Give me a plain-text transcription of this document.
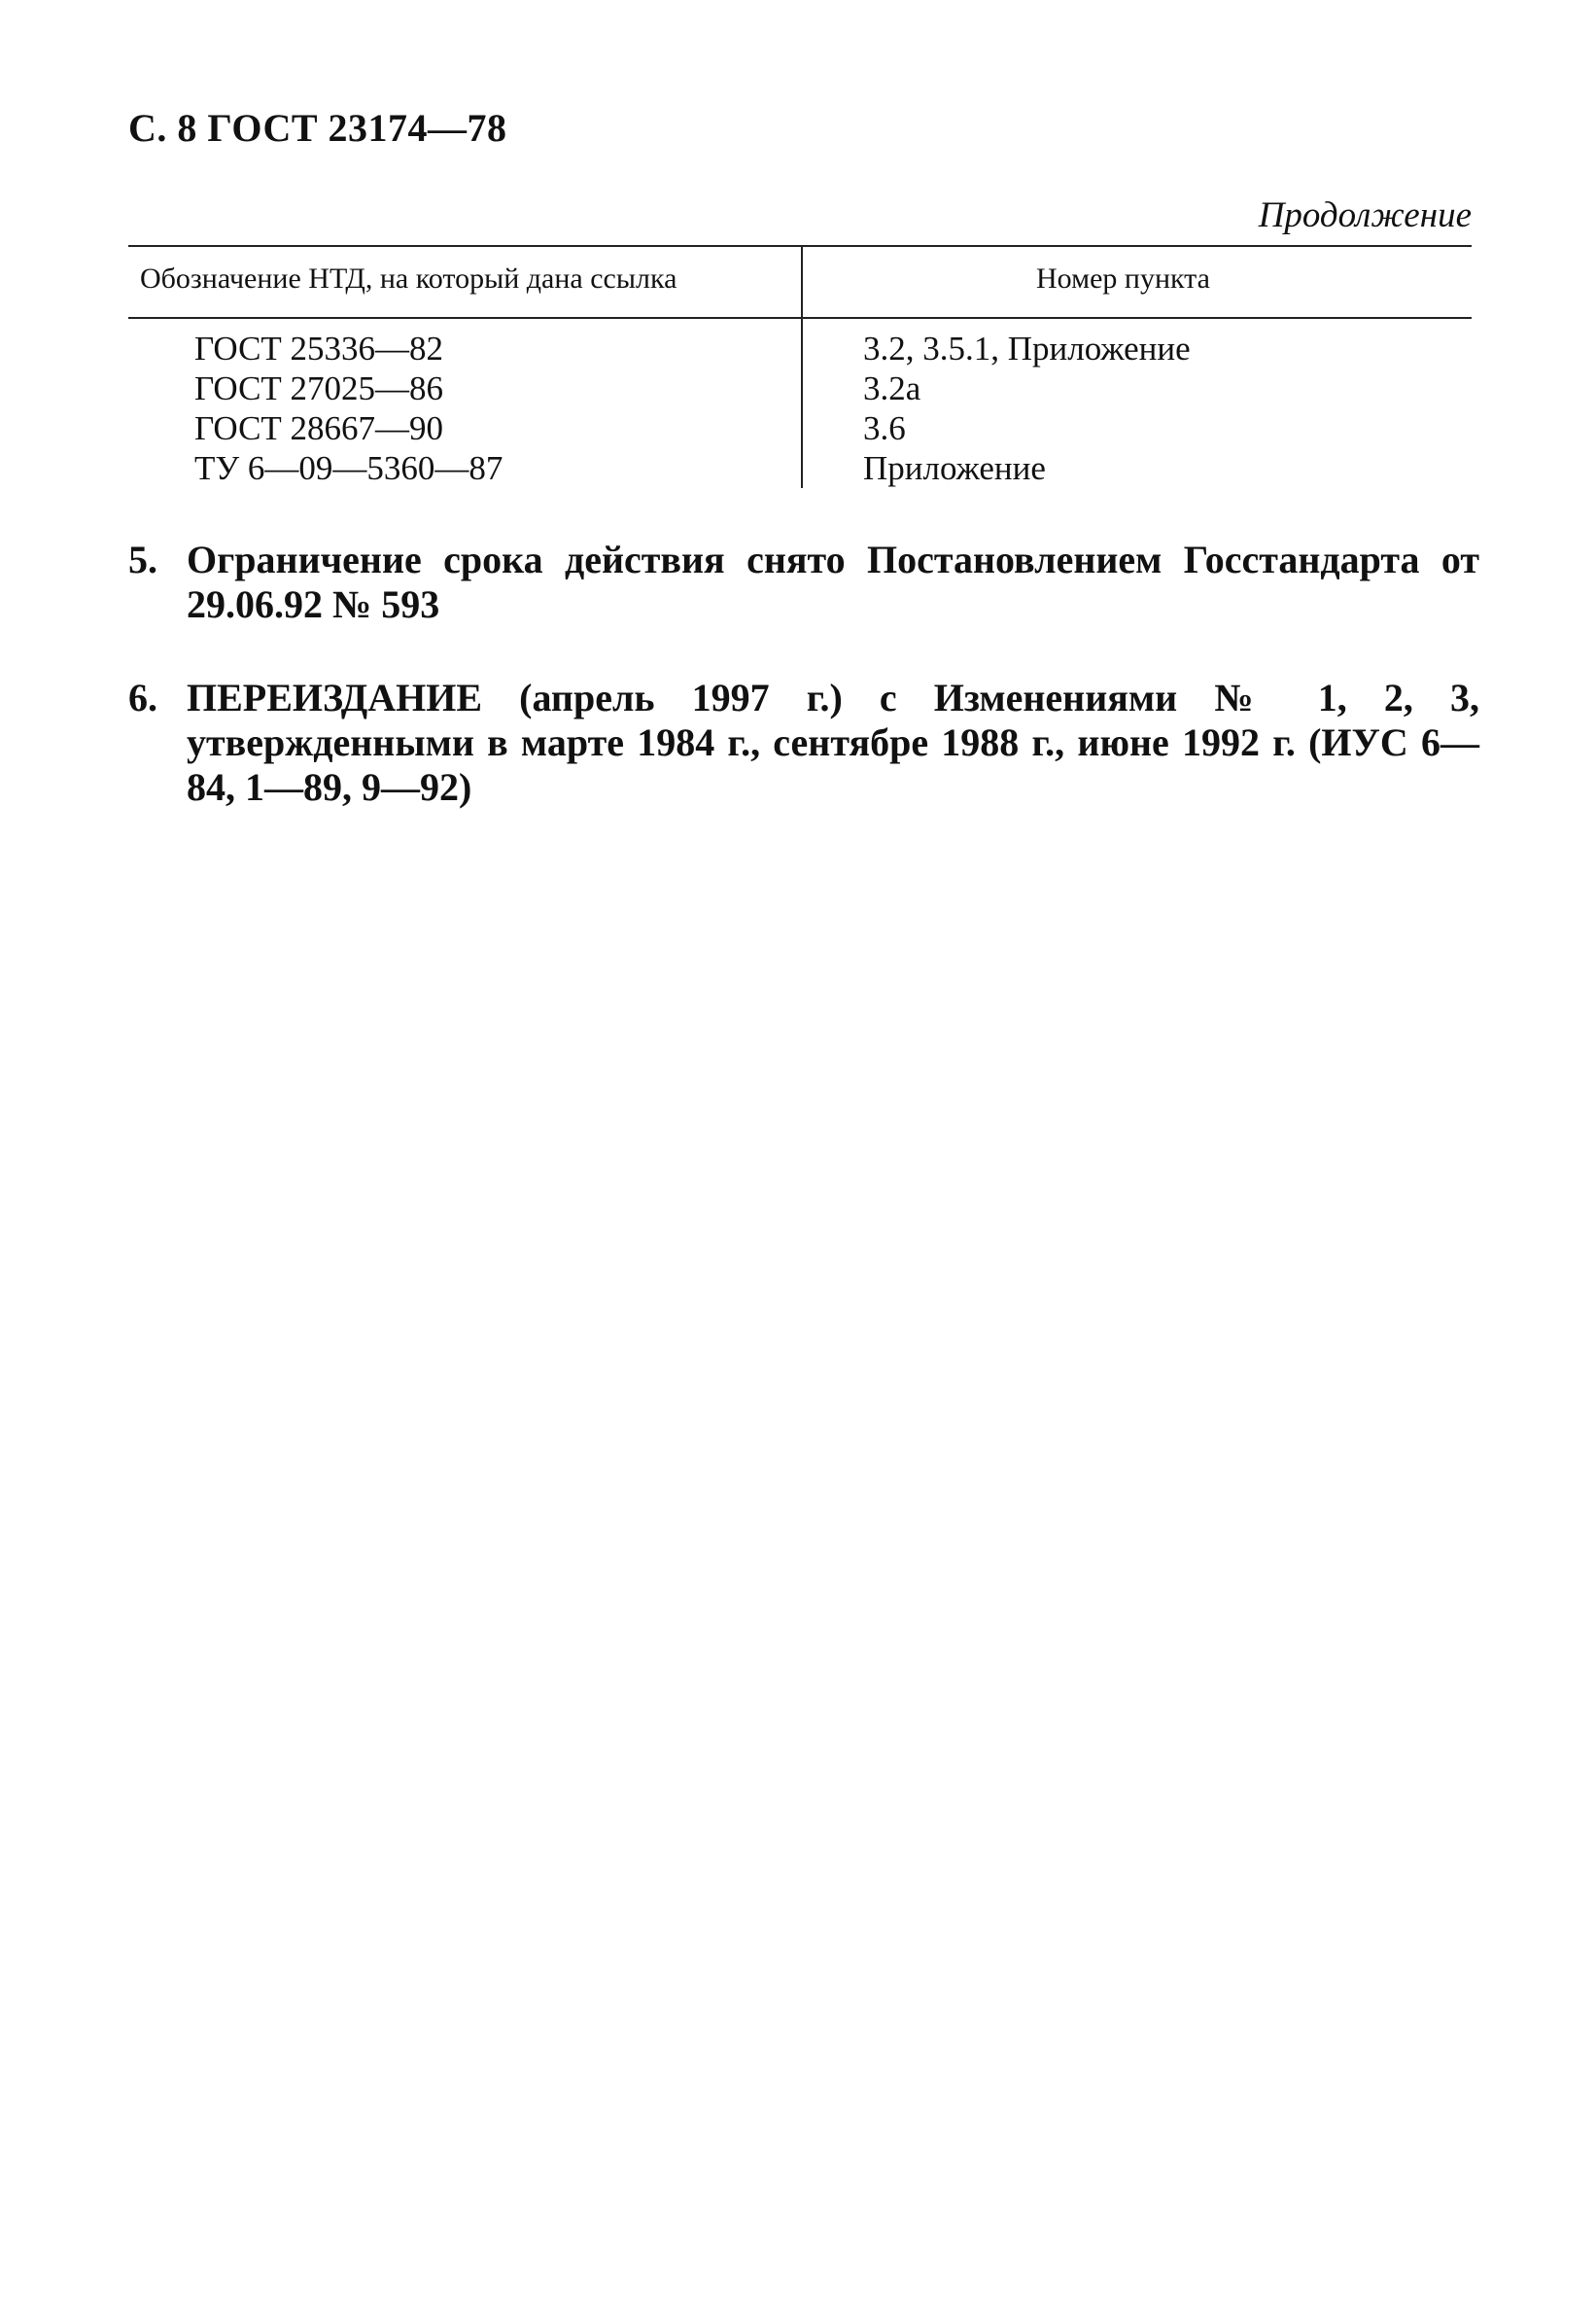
С. 8 ГОСТ 23174—78
Продолжение
Обозначение НТД, на который дана ссылка	Номер пункта
ГОСТ 25336—82	3.2, 3.5.1, Приложение
ГОСТ 27025—86	3.2а
ГОСТ 28667—90	3.6
ТУ 6—09—5360—87	Приложение
5. Ограничение срока действия снято Постановлением Госстандарта от 29.06.92 № 593
6. ПЕРЕИЗДАНИЕ (апрель 1997 г.) с Изменениями № 1, 2, 3, утвержденными в марте 1984 г., сентябре 1988 г., июне 1992 г. (ИУС 6—84, 1—89, 9—92)
